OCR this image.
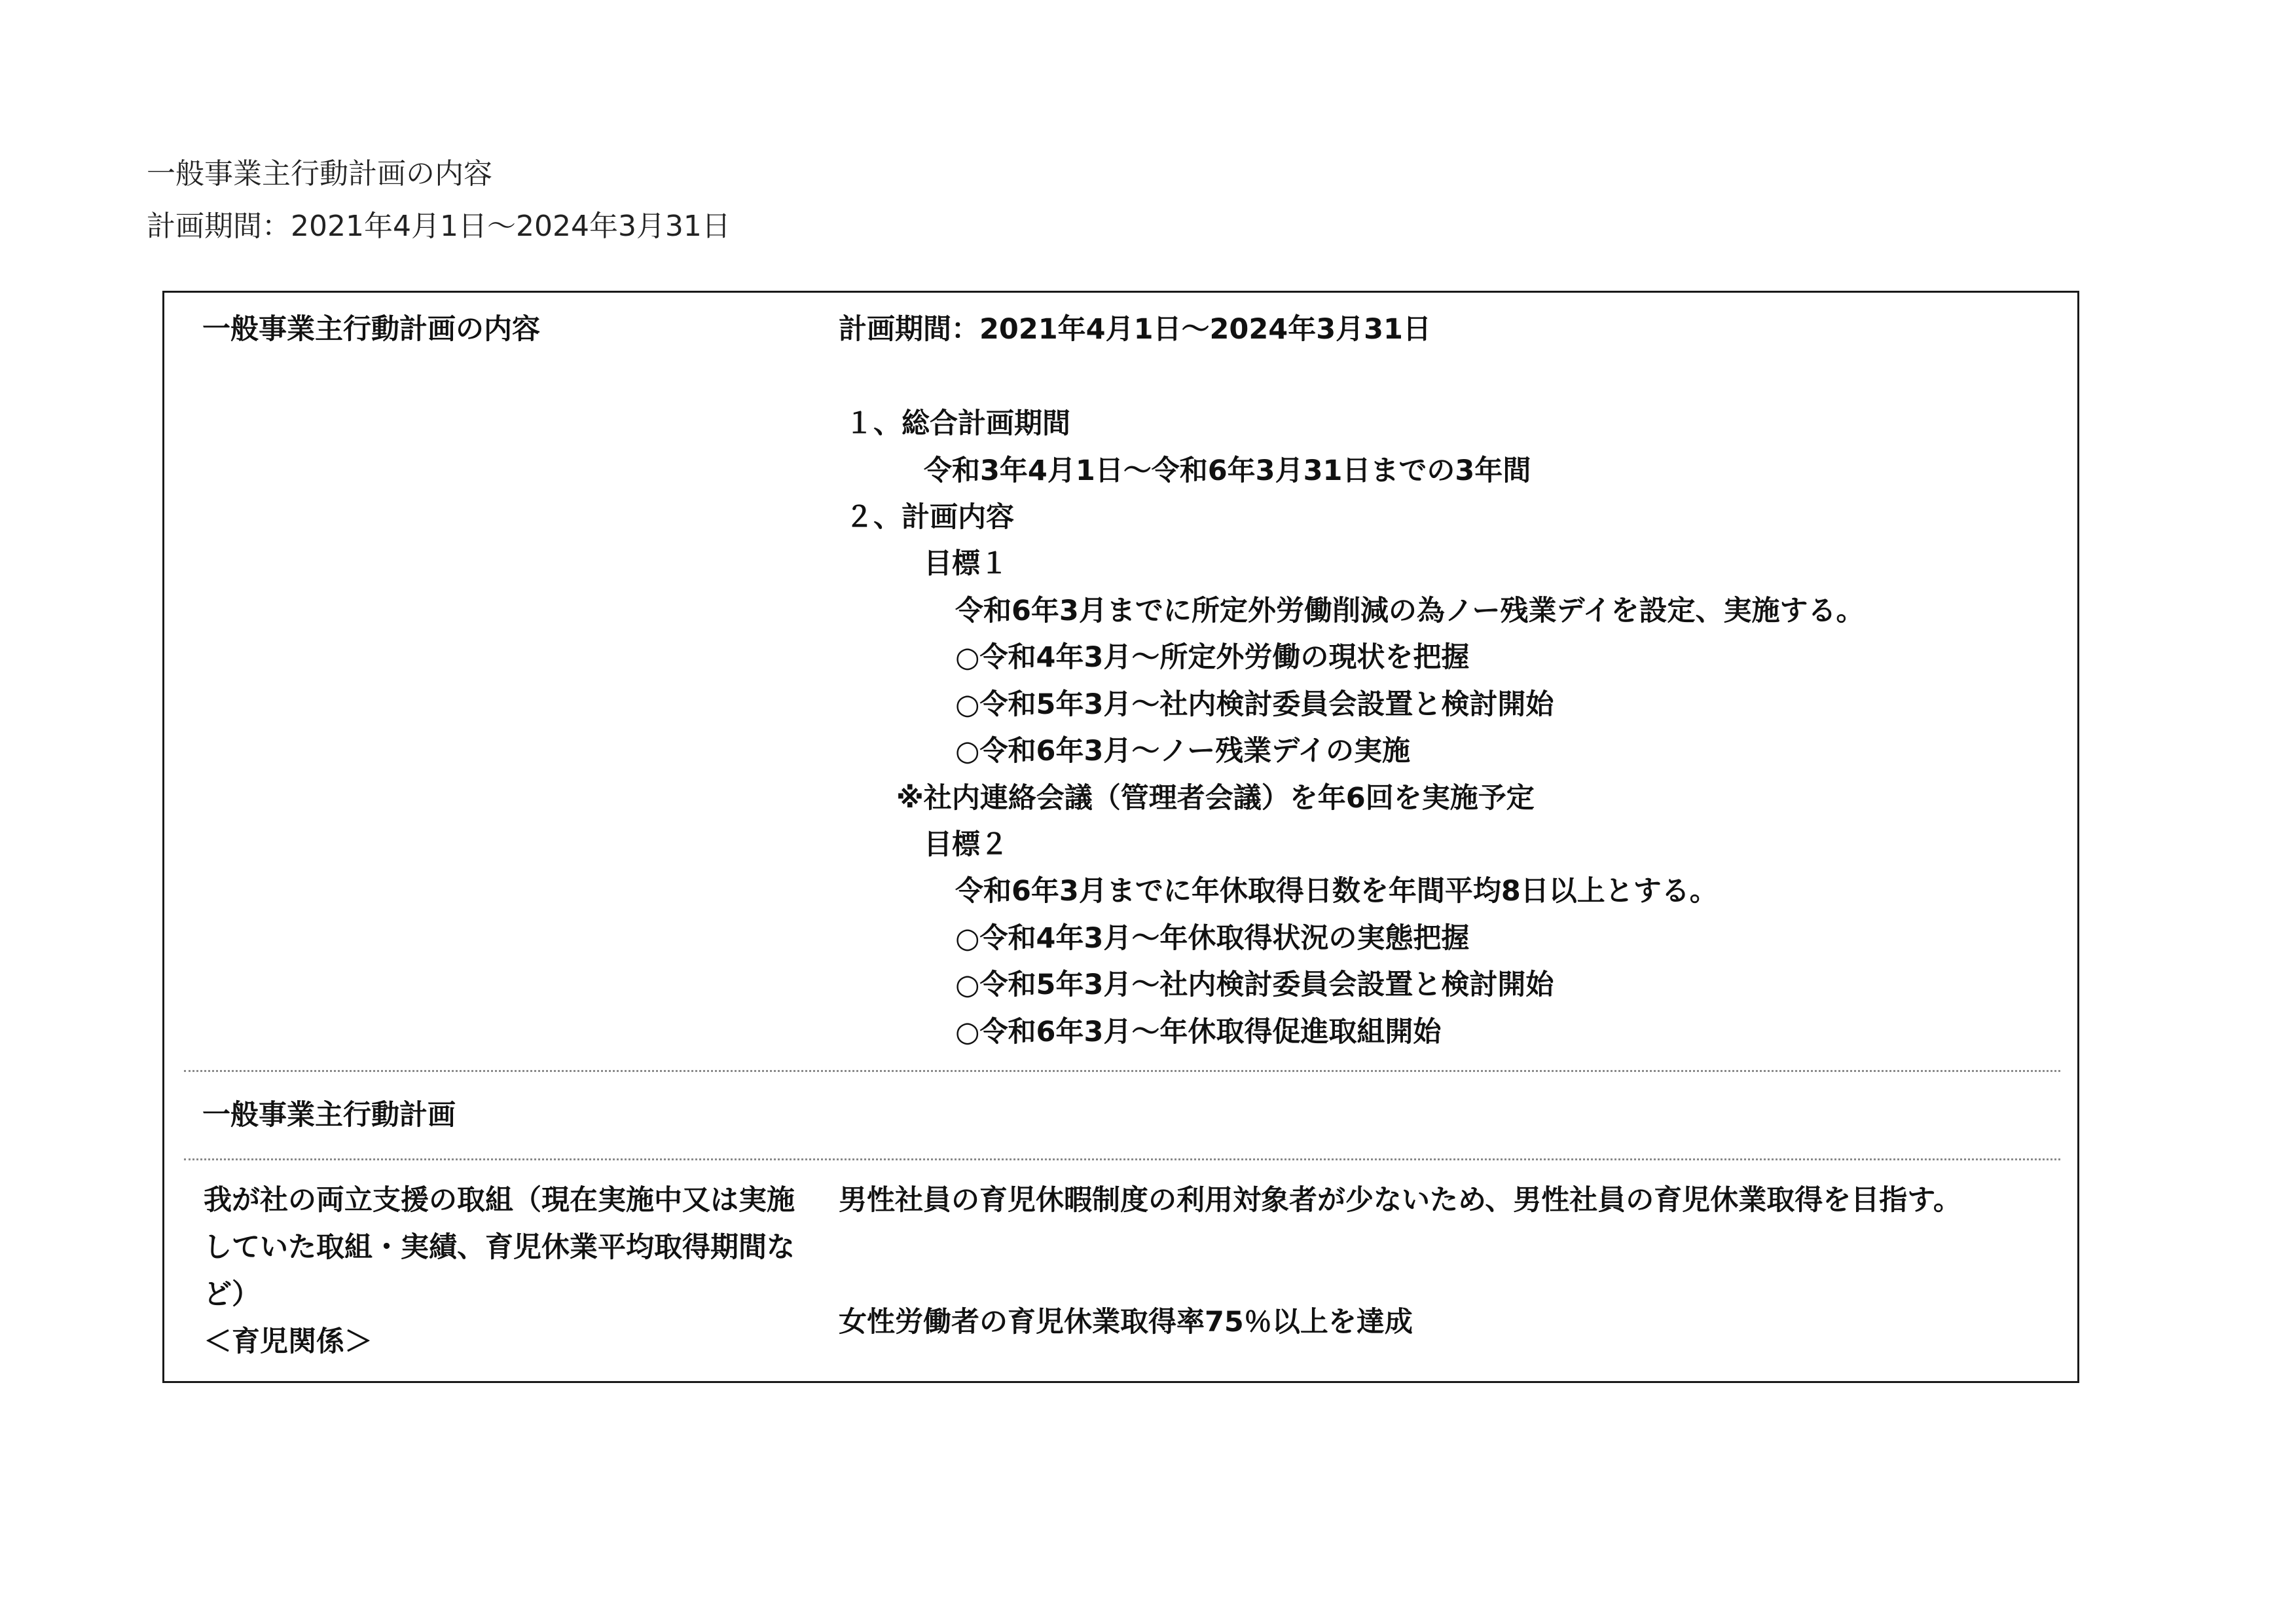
一般事業主行動計画の内容
計画期間：2021年4月1日～2024年3月31日
一般事業主行動計画の内容	計画期間：2021年4月1日～2024年3月31日
１、総合計画期間
令和3年4月1日～令和6年3月31日までの3年間
２、計画内容
目標１
令和6年3月までに所定外労働削減の為ノー残業デイを設定、実施する。
○令和4年3月～所定外労働の現状を把握
○令和5年3月～社内検討委員会設置と検討開始
○令和6年3月～ノー残業デイの実施
※社内連絡会議（管理者会議）を年6回を実施予定
目標２
令和6年3月までに年休取得日数を年間平均8日以上とする。
○令和4年3月～年休取得状況の実態把握
○令和5年3月～社内検討委員会設置と検討開始
○令和6年3月～年休取得促進取組開始
一般事業主行動計画
我が社の両立支援の取組（現在実施中又は実施
していた取組・実績、育児休業平均取得期間な
ど）
＜育児関係＞
男性社員の育児休暇制度の利用対象者が少ないため、男性社員の育児休業取得を目指す。
女性労働者の育児休業取得率75％以上を達成
